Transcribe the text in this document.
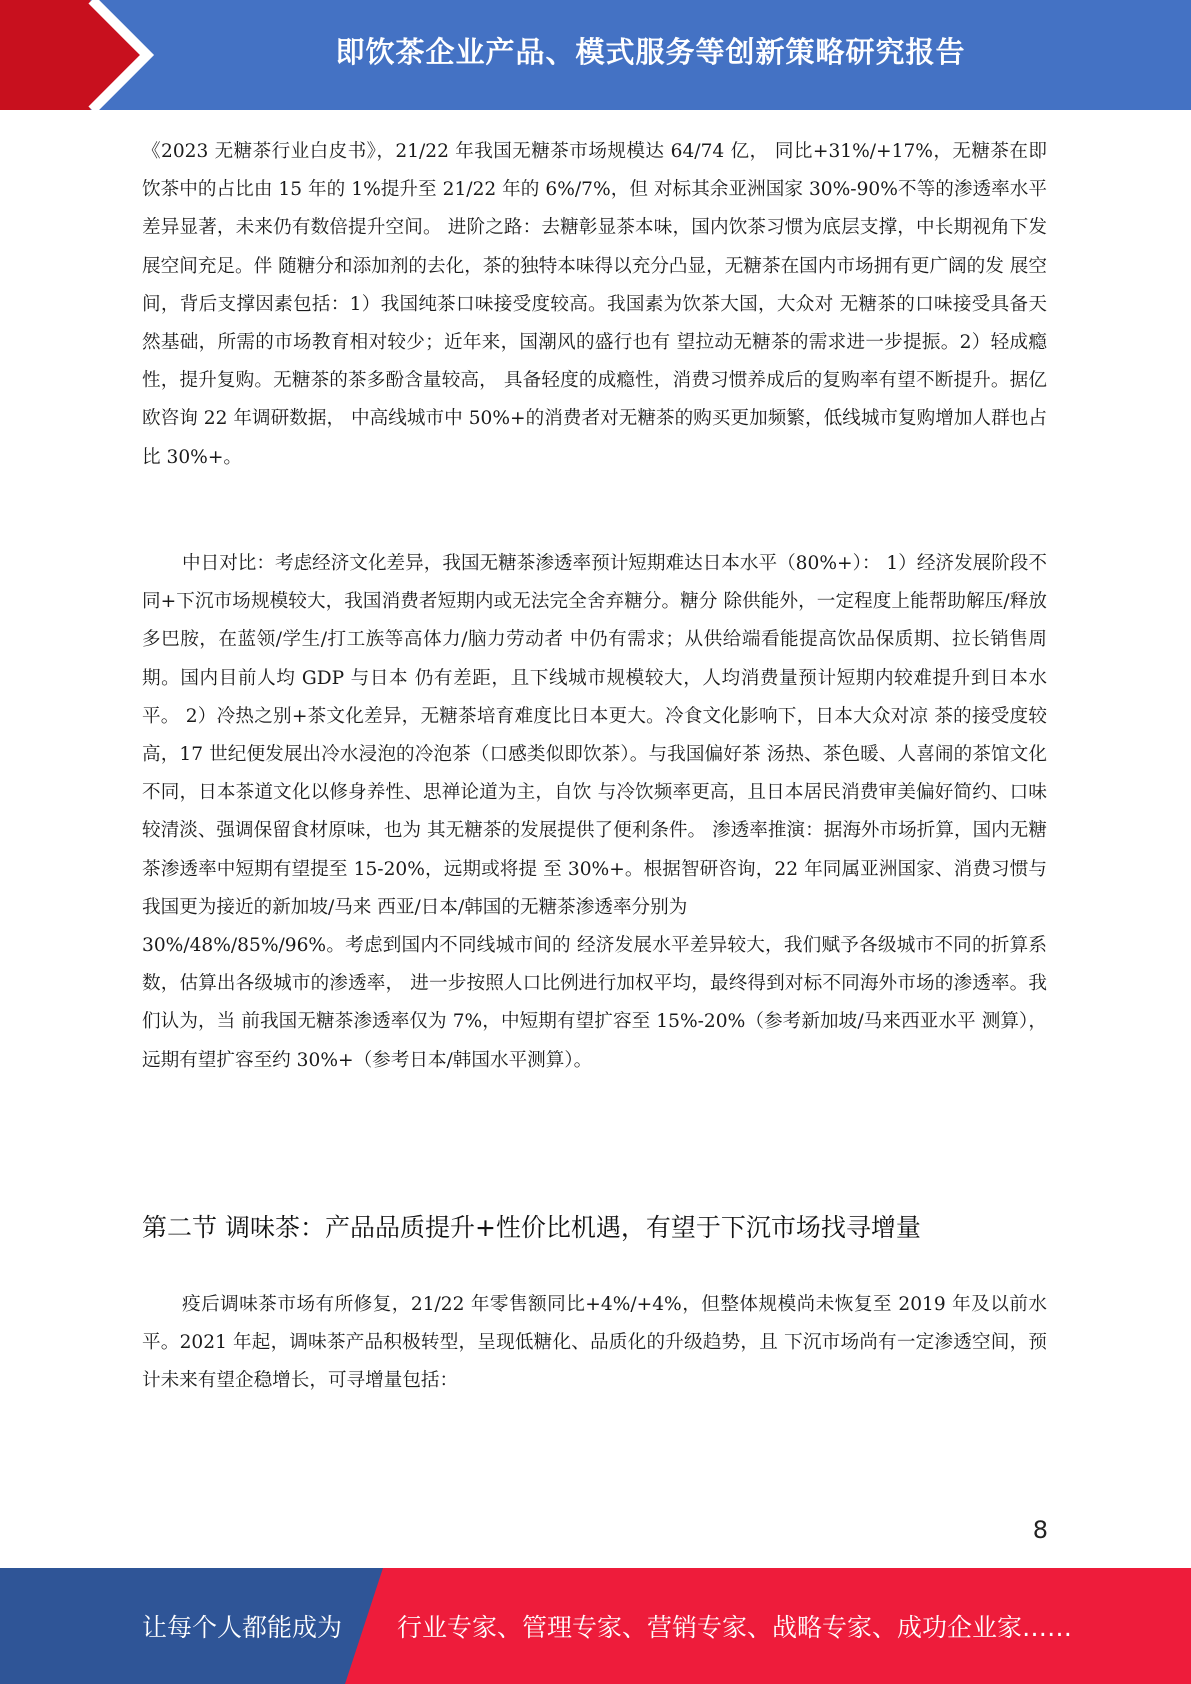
即饮茶企业产品、模式服务等创新策略研究报告

《2023 无糖茶行业白皮书》，21/22 年我国无糖茶市场规模达 64/74 亿， 同比+31%/+17%，无糖茶在即饮茶中的占比由 15 年的 1%提升至 21/22 年的 6%/7%，但 对标其余亚洲国家 30%-90%不等的渗透率水平差异显著，未来仍有数倍提升空间。 进阶之路：去糖彰显茶本味，国内饮茶习惯为底层支撑，中长期视角下发展空间充足。伴 随糖分和添加剂的去化，茶的独特本味得以充分凸显，无糖茶在国内市场拥有更广阔的发 展空间，背后支撑因素包括：1）我国纯茶口味接受度较高。我国素为饮茶大国，大众对 无糖茶的口味接受具备天然基础，所需的市场教育相对较少；近年来，国潮风的盛行也有 望拉动无糖茶的需求进一步提振。2）轻成瘾性，提升复购。无糖茶的茶多酚含量较高， 具备轻度的成瘾性，消费习惯养成后的复购率有望不断提升。据亿欧咨询 22 年调研数据， 中高线城市中 50%+的消费者对无糖茶的购买更加频繁，低线城市复购增加人群也占比 30%+。

中日对比：考虑经济文化差异，我国无糖茶渗透率预计短期难达日本水平（80%+）： 1）经济发展阶段不同+下沉市场规模较大，我国消费者短期内或无法完全舍弃糖分。糖分 除供能外，一定程度上能帮助解压/释放多巴胺，在蓝领/学生/打工族等高体力/脑力劳动者 中仍有需求；从供给端看能提高饮品保质期、拉长销售周期。国内目前人均 GDP 与日本 仍有差距，且下线城市规模较大，人均消费量预计短期内较难提升到日本水平。 2）冷热之别+茶文化差异，无糖茶培育难度比日本更大。冷食文化影响下，日本大众对凉 茶的接受度较高，17 世纪便发展出冷水浸泡的冷泡茶（口感类似即饮茶）。与我国偏好茶 汤热、茶色暖、人喜闹的茶馆文化不同，日本茶道文化以修身养性、思禅论道为主，自饮 与冷饮频率更高，且日本居民消费审美偏好简约、口味较清淡、强调保留食材原味，也为 其无糖茶的发展提供了便利条件。 渗透率推演：据海外市场折算，国内无糖茶渗透率中短期有望提至 15-20%，远期或将提 至 30%+。根据智研咨询，22 年同属亚洲国家、消费习惯与我国更为接近的新加坡/马来 西亚/日本/韩国的无糖茶渗透率分别为

30%/48%/85%/96%。考虑到国内不同线城市间的 经济发展水平差异较大，我们赋予各级城市不同的折算系数，估算出各级城市的渗透率， 进一步按照人口比例进行加权平均，最终得到对标不同海外市场的渗透率。我们认为，当 前我国无糖茶渗透率仅为 7%，中短期有望扩容至 15%-20%（参考新加坡/马来西亚水平 测算），远期有望扩容至约 30%+（参考日本/韩国水平测算）。

第二节 调味茶：产品品质提升+性价比机遇，有望于下沉市场找寻增量

疫后调味茶市场有所修复，21/22 年零售额同比+4%/+4%，但整体规模尚未恢复至 2019 年及以前水平。2021 年起，调味茶产品积极转型，呈现低糖化、品质化的升级趋势，且 下沉市场尚有一定渗透空间，预计未来有望企稳增长，可寻增量包括：

8
让每个人都能成为 行业专家、管理专家、营销专家、战略专家、成功企业家……
